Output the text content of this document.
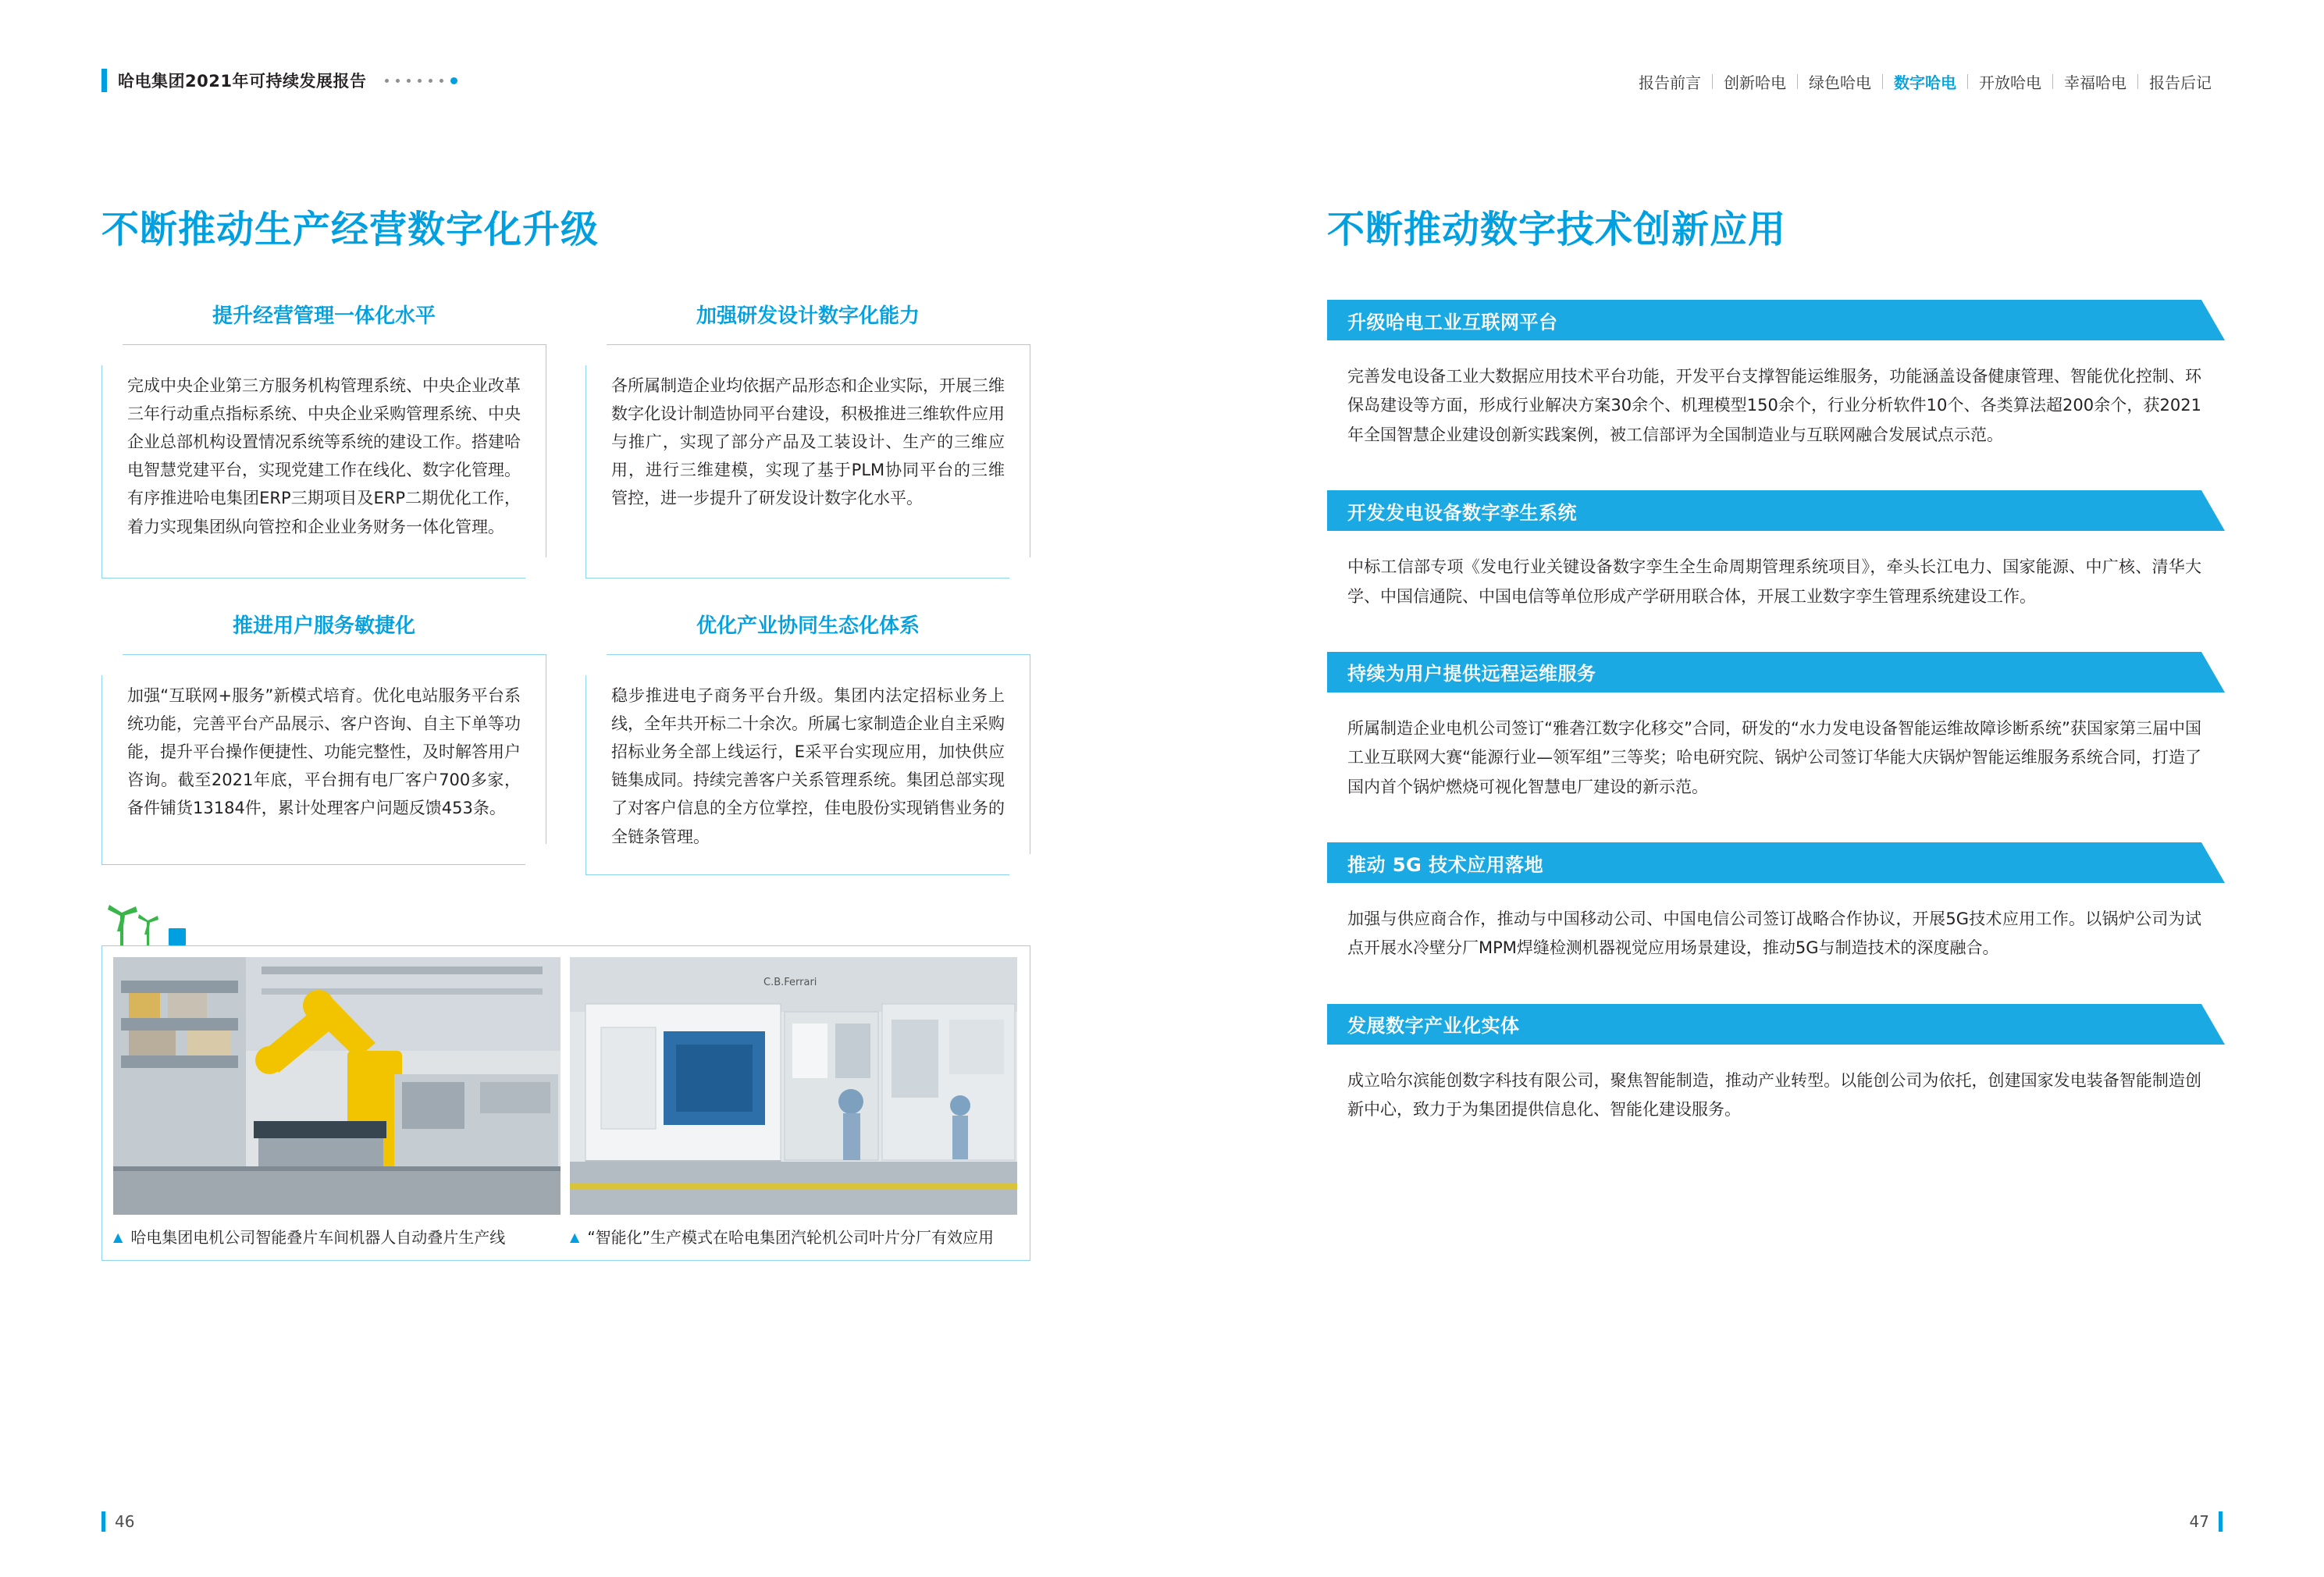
哈电集团2021年可持续发展报告	报告前言	创新哈电	绿色哈电	数字哈电	开放哈电	幸福哈电	报告后记
不断推动生产经营数字化升级
提升经营管理一体化水平

完成中央企业第三方服务机构管理系统、中央企业改革三年行动重点指标系统、中央企业采购管理系统、中央企业总部机构设置情况系统等系统的建设工作。搭建哈电智慧党建平台，实现党建工作在线化、数字化管理。有序推进哈电集团ERP三期项目及ERP二期优化工作，着力实现集团纵向管控和企业业务财务一体化管理。

加强研发设计数字化能力

各所属制造企业均依据产品形态和企业实际，开展三维数字化设计制造协同平台建设，积极推进三维软件应用与推广，实现了部分产品及工装设计、生产的三维应用，进行三维建模，实现了基于PLM协同平台的三维管控，进一步提升了研发设计数字化水平。

推进用户服务敏捷化

加强“互联网+服务”新模式培育。优化电站服务平台系统功能，完善平台产品展示、客户咨询、自主下单等功能，提升平台操作便捷性、功能完整性，及时解答用户咨询。截至2021年底，平台拥有电厂客户700多家，备件铺货13184件，累计处理客户问题反馈453条。

优化产业协同生态化体系

稳步推进电子商务平台升级。集团内法定招标业务上线，全年共开标二十余次。所属七家制造企业自主采购招标业务全部上线运行，E采平台实现应用，加快供应链集成同。持续完善客户关系管理系统。集团总部实现了对客户信息的全方位掌控，佳电股份实现销售业务的全链条管理。

C.B.Ferrari
▲ 哈电集团电机公司智能叠片车间机器人自动叠片生产线	▲ “智能化”生产模式在哈电集团汽轮机公司叶片分厂有效应用
不断推动数字技术创新应用
升级哈电工业互联网平台
完善发电设备工业大数据应用技术平台功能，开发平台支撑智能运维服务，功能涵盖设备健康管理、智能优化控制、环保岛建设等方面，形成行业解决方案30余个、机理模型150余个，行业分析软件10个、各类算法超200余个，获2021年全国智慧企业建设创新实践案例，被工信部评为全国制造业与互联网融合发展试点示范。
开发发电设备数字孪生系统
中标工信部专项《发电行业关键设备数字孪生全生命周期管理系统项目》，牵头长江电力、国家能源、中广核、清华大学、中国信通院、中国电信等单位形成产学研用联合体，开展工业数字孪生管理系统建设工作。
持续为用户提供远程运维服务
所属制造企业电机公司签订“雅砻江数字化移交”合同，研发的“水力发电设备智能运维故障诊断系统”获国家第三届中国工业互联网大赛“能源行业—领军组”三等奖；哈电研究院、锅炉公司签订华能大庆锅炉智能运维服务系统合同，打造了国内首个锅炉燃烧可视化智慧电厂建设的新示范。
推动 5G 技术应用落地
加强与供应商合作，推动与中国移动公司、中国电信公司签订战略合作协议，开展5G技术应用工作。以锅炉公司为试点开展水冷壁分厂MPM焊缝检测机器视觉应用场景建设，推动5G与制造技术的深度融合。
发展数字产业化实体
成立哈尔滨能创数字科技有限公司，聚焦智能制造，推动产业转型。以能创公司为依托，创建国家发电装备智能制造创新中心，致力于为集团提供信息化、智能化建设服务。
46	47
